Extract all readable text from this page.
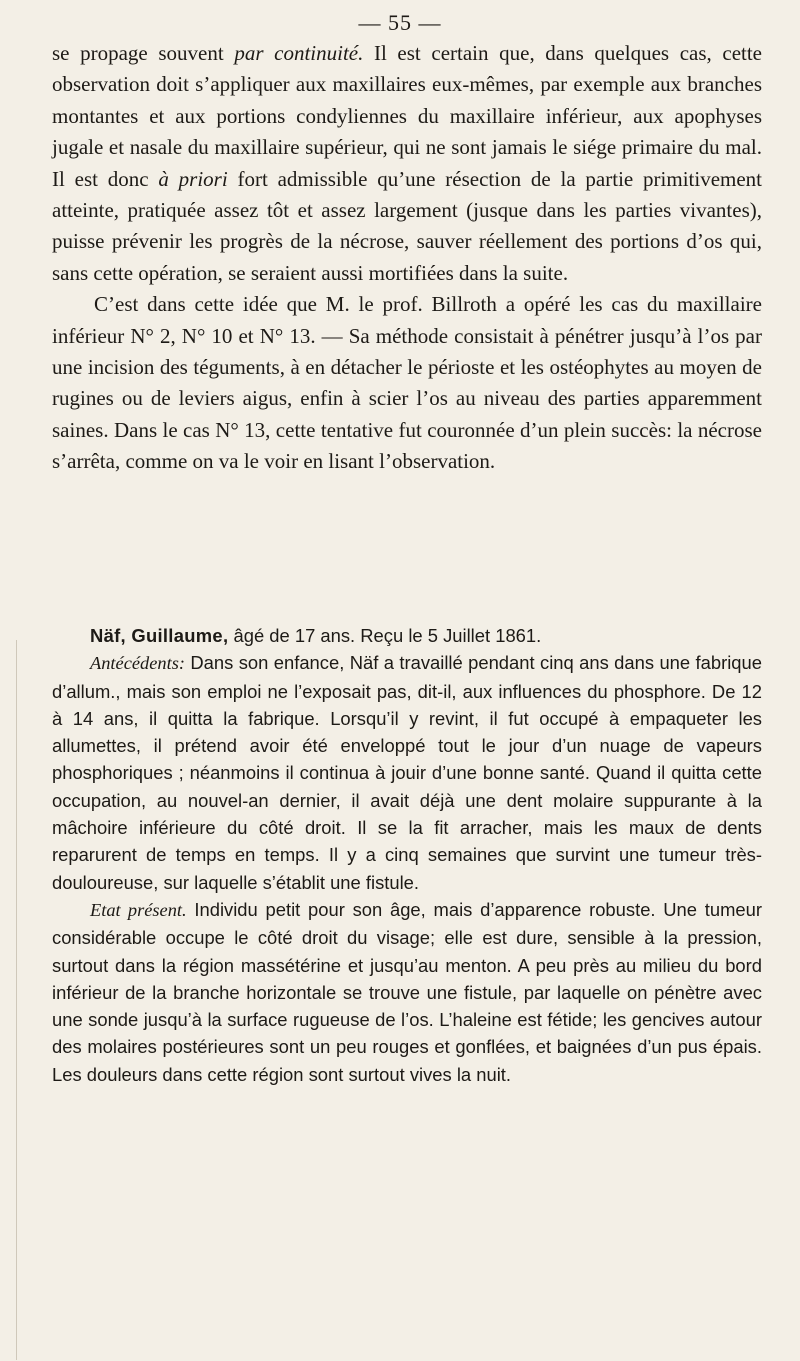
— 55 —

se propage souvent par continuité. Il est certain que, dans quelques cas, cette observation doit s’appliquer aux maxillaires eux-mêmes, par exemple aux branches montantes et aux portions condyliennes du maxillaire inférieur, aux apophyses jugale et nasale du maxillaire supérieur, qui ne sont jamais le siége primaire du mal. Il est donc à priori fort admissible qu’une résection de la partie primitivement atteinte, pratiquée assez tôt et assez largement (jusque dans les parties vivantes), puisse prévenir les progrès de la nécrose, sauver réellement des portions d’os qui, sans cette opération, se seraient aussi mortifiées dans la suite.

C’est dans cette idée que M. le prof. Billroth a opéré les cas du maxillaire inférieur N° 2, N° 10 et N° 13. — Sa méthode consistait à pénétrer jusqu’à l’os par une incision des téguments, à en détacher le périoste et les ostéophytes au moyen de rugines ou de leviers aigus, enfin à scier l’os au niveau des parties apparemment saines. Dans le cas N° 13, cette tentative fut couronnée d’un plein succès: la nécrose s’arrêta, comme on va le voir en lisant l’observation.

Näf, Guillaume, âgé de 17 ans. Reçu le 5 Juillet 1861.

Antécédents: Dans son enfance, Näf a travaillé pendant cinq ans dans une fabrique d’allum., mais son emploi ne l’exposait pas, dit-il, aux influences du phosphore. De 12 à 14 ans, il quitta la fabrique. Lorsqu’il y revint, il fut occupé à empaqueter les allumettes, il prétend avoir été enveloppé tout le jour d’un nuage de vapeurs phosphoriques ; néanmoins il continua à jouir d’une bonne santé. Quand il quitta cette occupation, au nouvel-an dernier, il avait déjà une dent molaire suppurante à la mâchoire inférieure du côté droit. Il se la fit arracher, mais les maux de dents reparurent de temps en temps. Il y a cinq semaines que survint une tumeur très-douloureuse, sur laquelle s’établit une fistule.

Etat présent. Individu petit pour son âge, mais d’apparence robuste. Une tumeur considérable occupe le côté droit du visage; elle est dure, sensible à la pression, surtout dans la région massétérine et jusqu’au menton. A peu près au milieu du bord inférieur de la branche horizontale se trouve une fistule, par laquelle on pénètre avec une sonde jusqu’à la surface rugueuse de l’os. L’haleine est fétide; les gencives autour des molaires postérieures sont un peu rouges et gonflées, et baignées d’un pus épais. Les douleurs dans cette région sont surtout vives la nuit.
